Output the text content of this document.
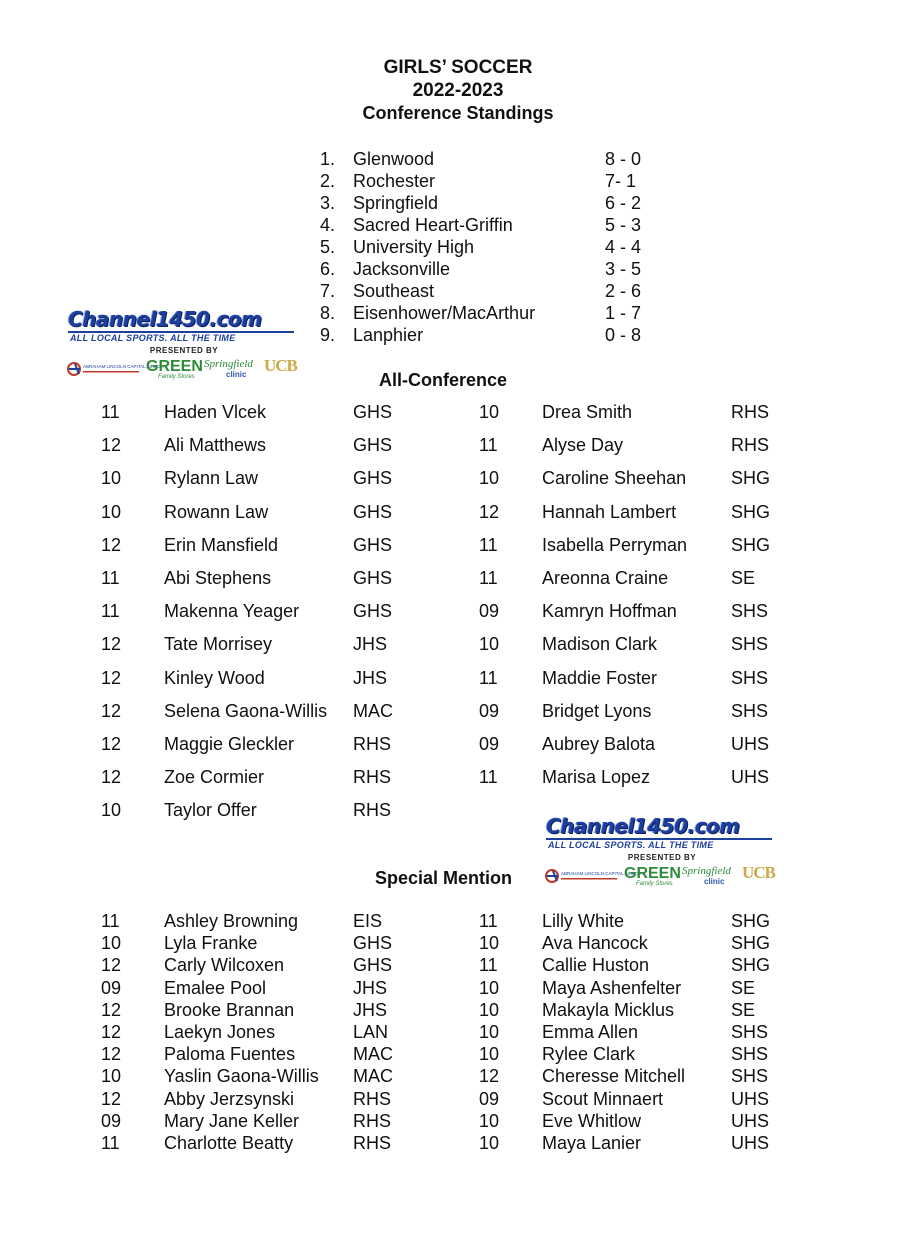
GIRLS’ SOCCER
2022-2023
Conference Standings
1. Glenwood	8 - 0
2. Rochester	7- 1
3. Springfield	6 - 2
4. Sacred Heart-Griffin	5 - 3
5. University High	4 - 4
6. Jacksonville	3 - 5
7. Southeast	2 - 6
8. Eisenhower/MacArthur	1 - 7
9. Lanphier	0 - 8
Channel1450.com
ALL LOCAL SPORTS. ALL THE TIME
PRESENTED BY
ABRAHAM LINCOLN CAPITAL AIRPORT
GREEN
Family Stores
Springfield
clinic UCB
All-Conference
11 Haden Vlcek	GHS
12 Ali Matthews	GHS
10 Rylann Law	GHS
10 Rowann Law	GHS
12 Erin Mansfield	GHS
11 Abi Stephens	GHS
11 Makenna Yeager	GHS
12 Tate Morrisey	JHS
12 Kinley Wood	JHS
12 Selena Gaona-Willis MAC
12 Maggie Gleckler	RHS
12 Zoe Cormier	RHS
10 Taylor Offer	RHS
10 Drea Smith	RHS
11 Alyse Day	RHS
10 Caroline Sheehan SHG
12 Hannah Lambert	SHG
11 Isabella Perryman SHG
11 Areonna Craine	SE
09 Kamryn Hoffman	SHS
10 Madison Clark	SHS
11 Maddie Foster	SHS
09 Bridget Lyons	SHS
09 Aubrey Balota	UHS
11 Marisa Lopez	UHS
Channel1450.com
ALL LOCAL SPORTS. ALL THE TIME
PRESENTED BY
ABRAHAM LINCOLN CAPITAL AIRPORT
GREEN
Family Stores
Springfield
clinic UCB
Special Mention
11 Ashley Browning	EIS
10 Lyla Franke	GHS
12 Carly Wilcoxen	GHS
09 Emalee Pool	JHS
12 Brooke Brannan	JHS
12 Laekyn Jones	LAN
12 Paloma Fuentes	MAC
10 Yaslin Gaona-Willis MAC
12 Abby Jerzsynski	RHS
09 Mary Jane Keller	RHS
11 Charlotte Beatty	RHS
11 Lilly White	SHG
10 Ava Hancock	SHG
11 Callie Huston	SHG
10 Maya Ashenfelter	SE
10 Makayla Micklus	SE
10 Emma Allen	SHS
10 Rylee Clark	SHS
12 Cheresse Mitchell	SHS
09 Scout Minnaert	UHS
10 Eve Whitlow	UHS
10 Maya Lanier	UHS
